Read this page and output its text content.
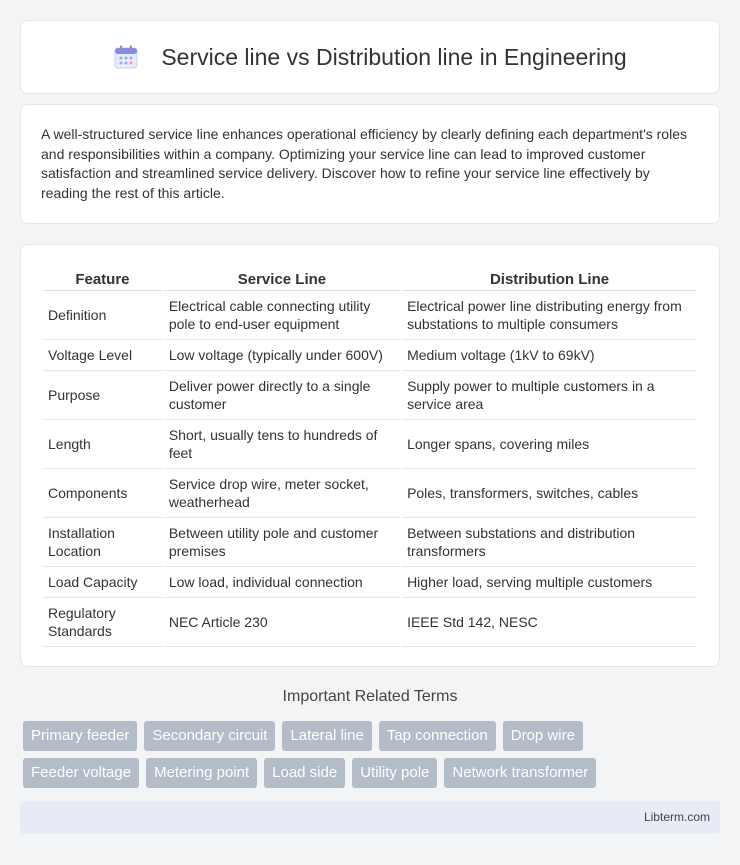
Service line vs Distribution line in Engineering

A well-structured service line enhances operational efficiency by clearly defining each department's roles and responsibilities within a company. Optimizing your service line can lead to improved customer satisfaction and streamlined service delivery. Discover how to refine your service line effectively by reading the rest of this article.

Feature	Service Line	Distribution Line
Definition	Electrical cable connecting utility pole to end-user equipment	Electrical power line distributing energy from substations to multiple consumers
Voltage Level	Low voltage (typically under 600V)	Medium voltage (1kV to 69kV)
Purpose	Deliver power directly to a single customer	Supply power to multiple customers in a service area
Length	Short, usually tens to hundreds of feet	Longer spans, covering miles
Components	Service drop wire, meter socket, weatherhead	Poles, transformers, switches, cables
Installation Location	Between utility pole and customer premises	Between substations and distribution transformers
Load Capacity	Low load, individual connection	Higher load, serving multiple customers
Regulatory Standards	NEC Article 230	IEEE Std 142, NESC
Important Related Terms
Primary feeder	Secondary circuit	Lateral line	Tap connection	Drop wire
Feeder voltage	Metering point	Load side	Utility pole	Network transformer
Libterm.com
